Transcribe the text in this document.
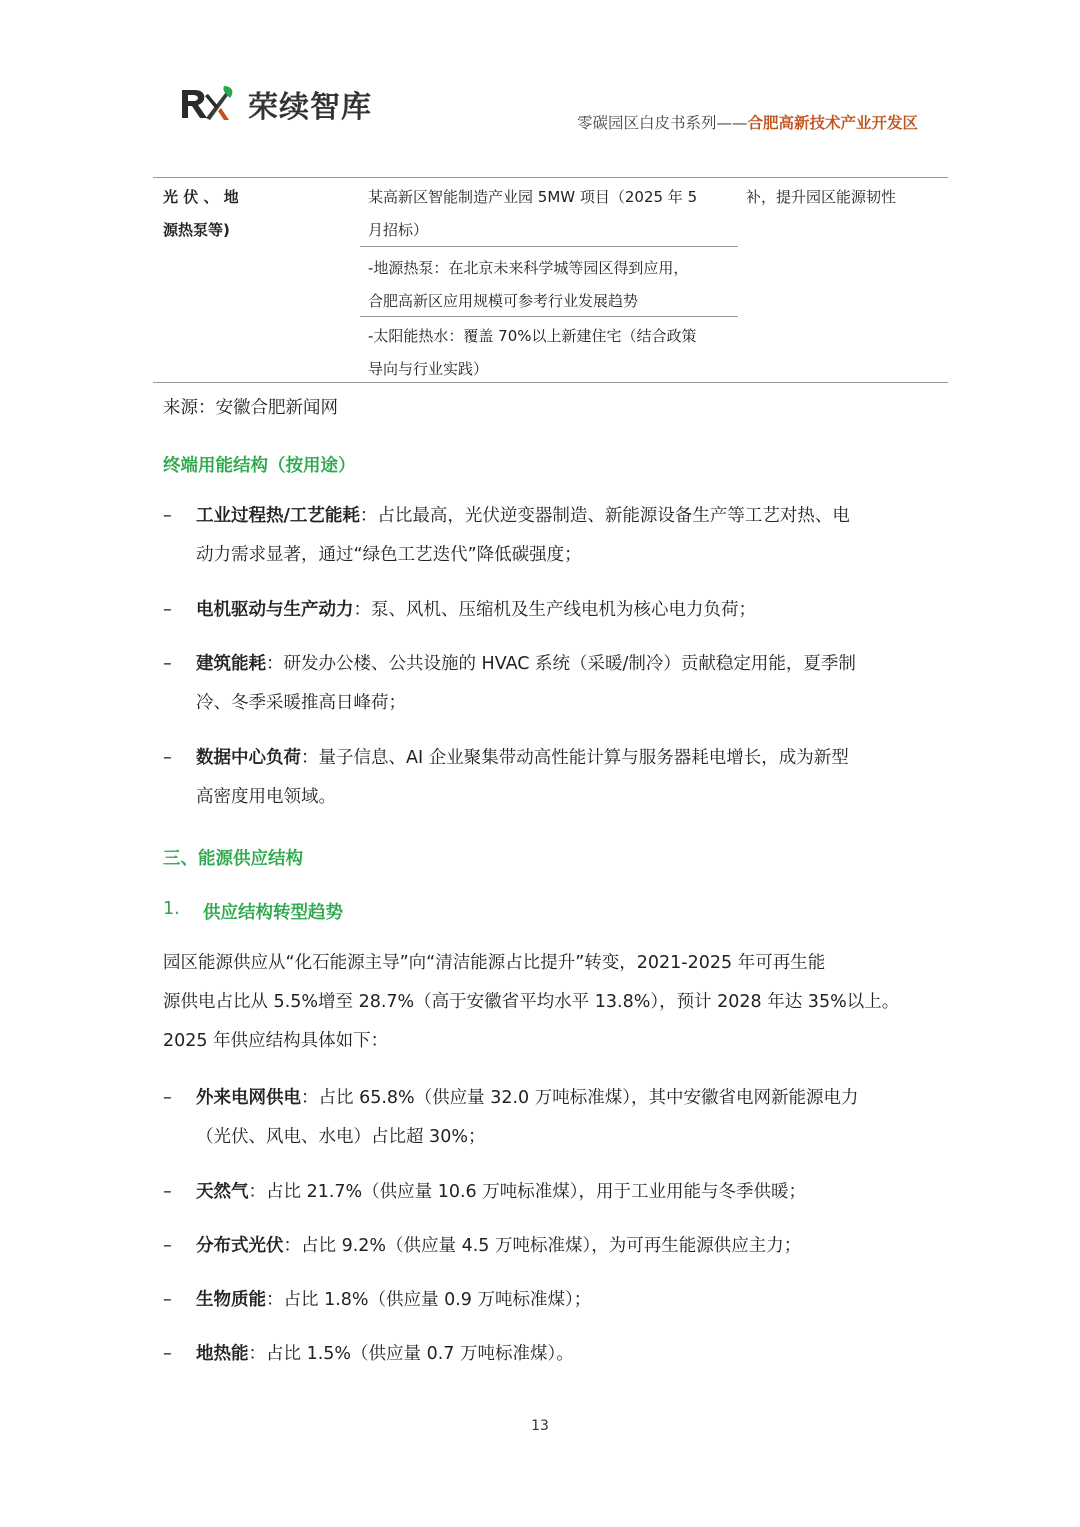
荣续智库	零碳园区白皮书系列——合肥高新技术产业开发区
光 伏 、 地
源热泵等)
某高新区智能制造产业园 5MW 项目（2025 年 5
月招标）
-地源热泵：在北京未来科学城等园区得到应用，
合肥高新区应用规模可参考行业发展趋势
-太阳能热水：覆盖 70%以上新建住宅（结合政策
导向与行业实践）
补，提升园区能源韧性
来源：安徽合肥新闻网
终端用能结构（按用途）
– 工业过程热/工艺能耗：占比最高，光伏逆变器制造、新能源设备生产等工艺对热、电
动力需求显著，通过“绿色工艺迭代”降低碳强度；
– 电机驱动与生产动力：泵、风机、压缩机及生产线电机为核心电力负荷；
– 建筑能耗：研发办公楼、公共设施的 HVAC 系统（采暖/制冷）贡献稳定用能，夏季制
冷、冬季采暖推高日峰荷；
– 数据中心负荷：量子信息、AI 企业聚集带动高性能计算与服务器耗电增长，成为新型
高密度用电领域。
三、能源供应结构
1. 供应结构转型趋势
园区能源供应从“化石能源主导”向“清洁能源占比提升”转变，2021-2025 年可再生能
源供电占比从 5.5%增至 28.7%（高于安徽省平均水平 13.8%），预计 2028 年达 35%以上。
2025 年供应结构具体如下：
– 外来电网供电：占比 65.8%（供应量 32.0 万吨标准煤），其中安徽省电网新能源电力
（光伏、风电、水电）占比超 30%；
– 天然气：占比 21.7%（供应量 10.6 万吨标准煤），用于工业用能与冬季供暖；
– 分布式光伏：占比 9.2%（供应量 4.5 万吨标准煤），为可再生能源供应主力；
– 生物质能：占比 1.8%（供应量 0.9 万吨标准煤）；
– 地热能：占比 1.5%（供应量 0.7 万吨标准煤）。
13
